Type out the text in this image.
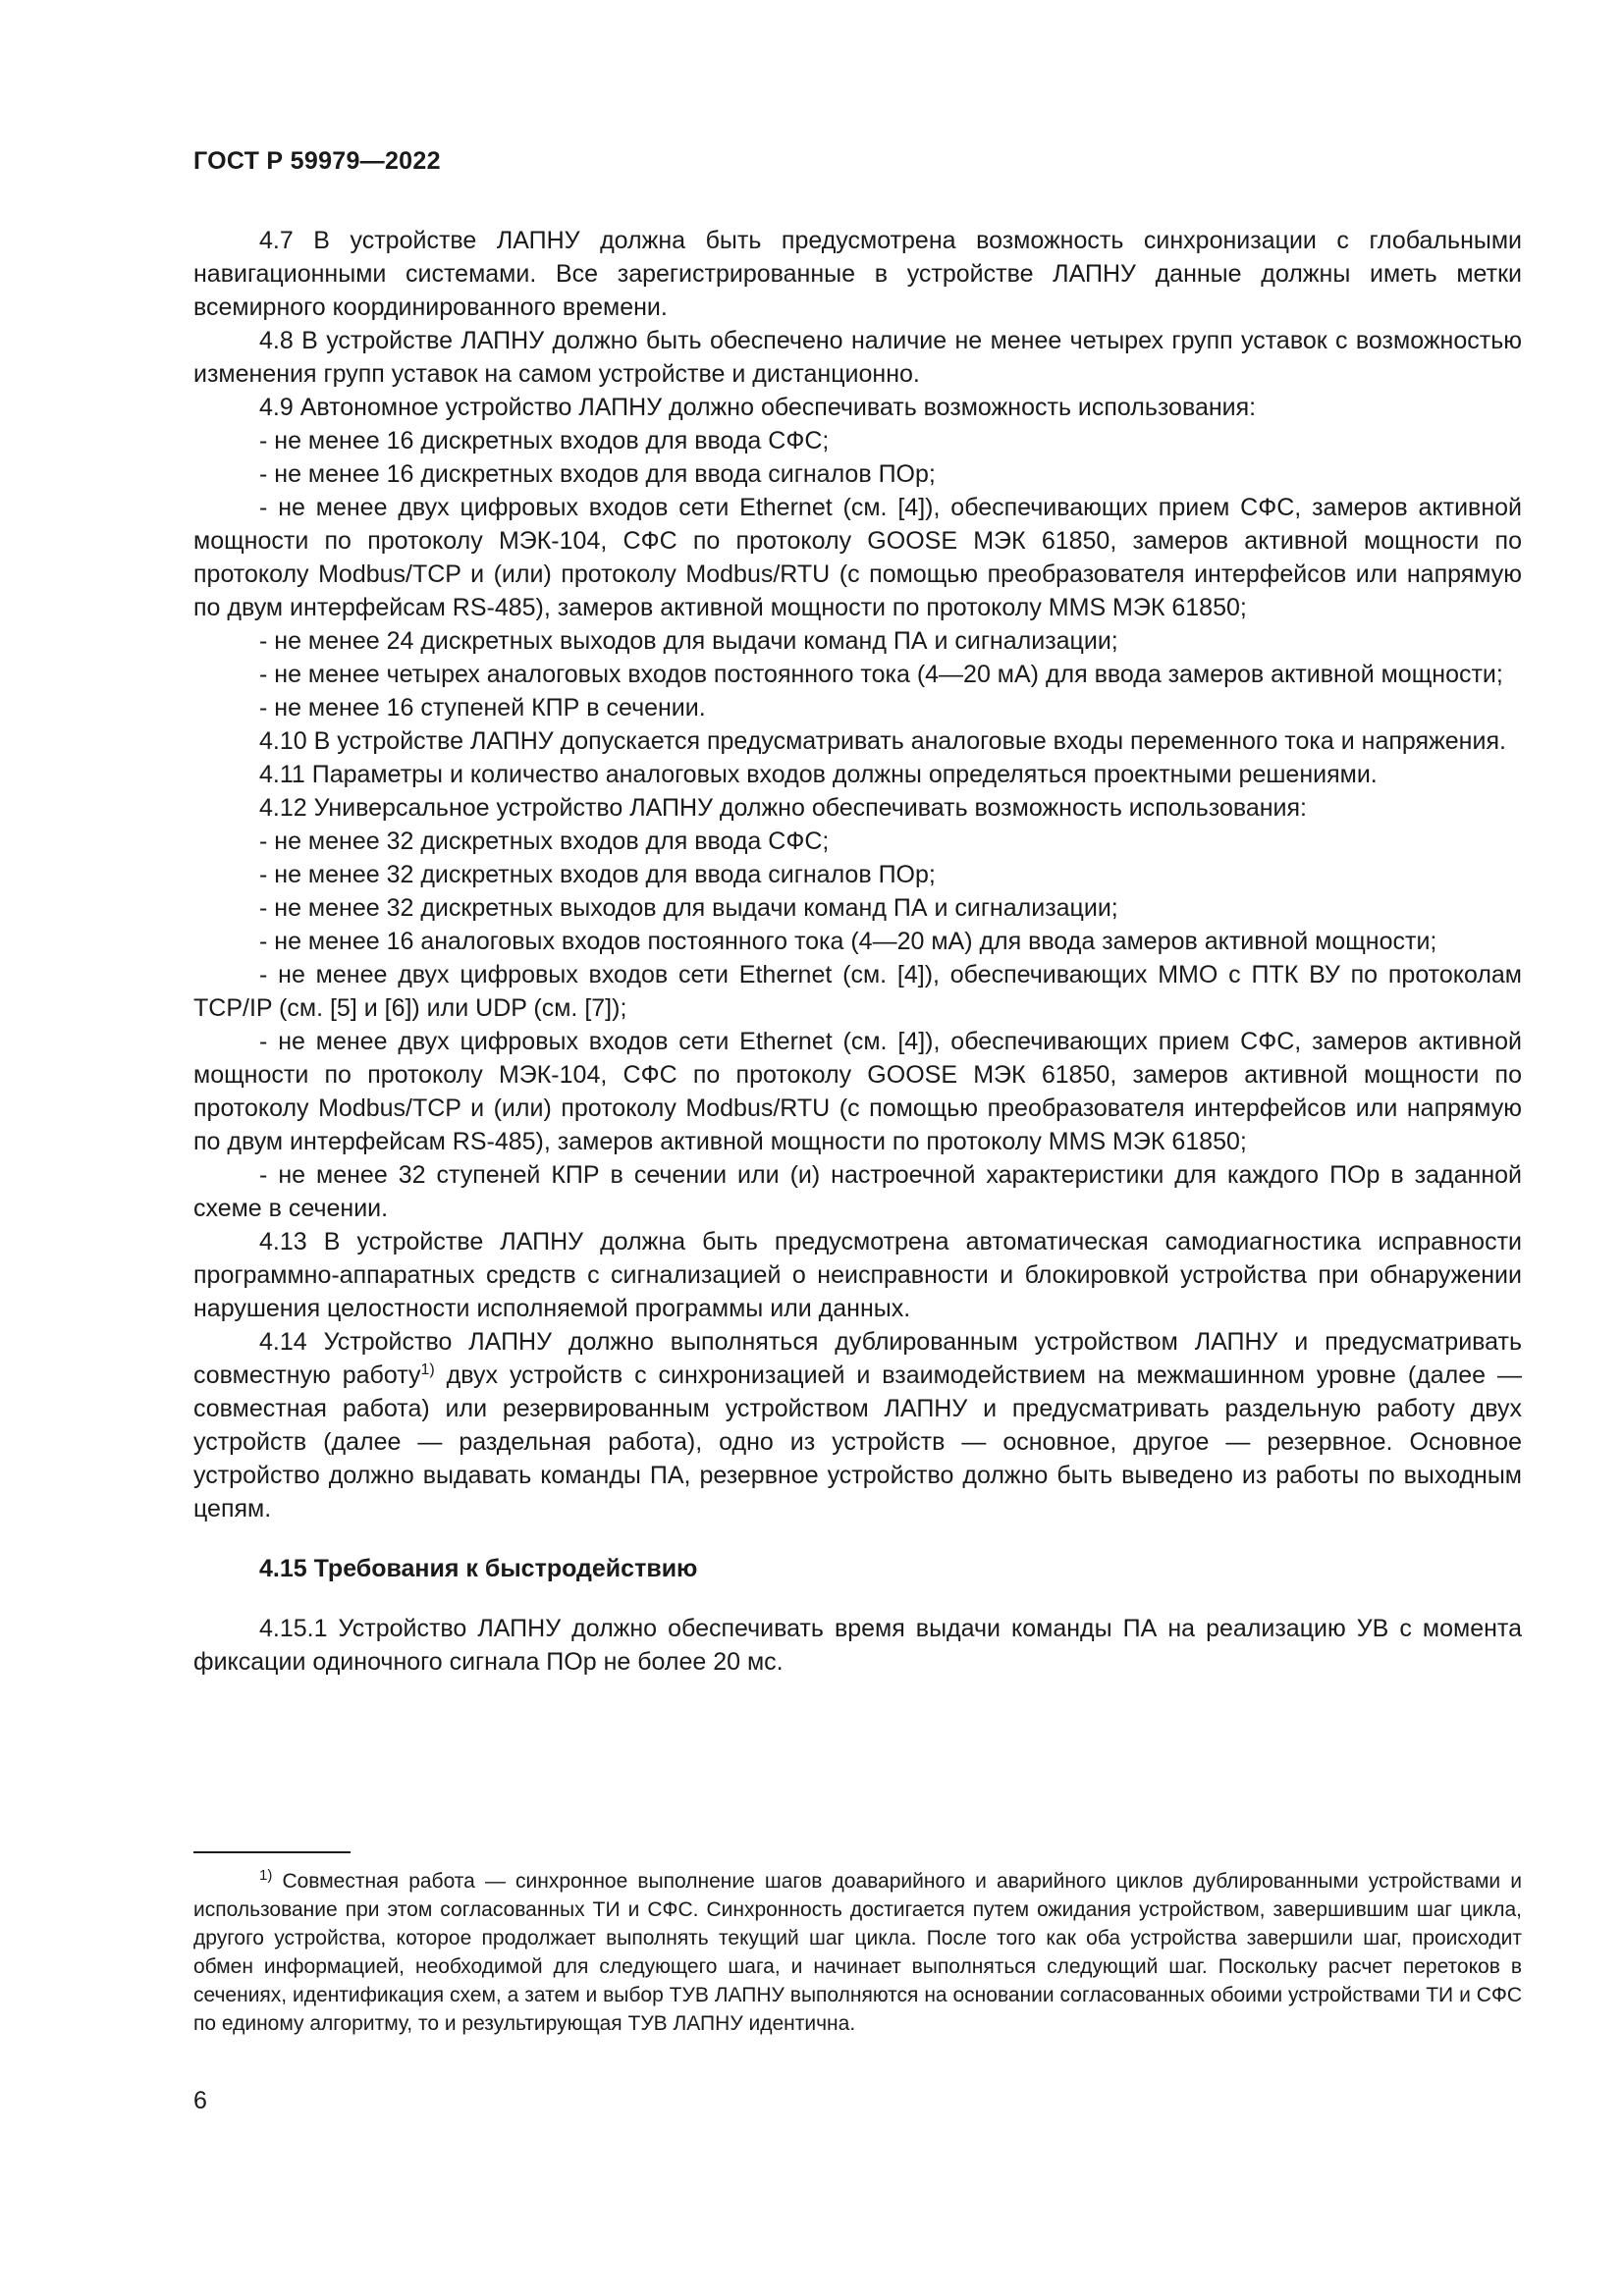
ГОСТ Р 59979—2022

4.7 В устройстве ЛАПНУ должна быть предусмотрена возможность синхронизации с глобальными навигационными системами. Все зарегистрированные в устройстве ЛАПНУ данные должны иметь метки всемирного координированного времени.

4.8 В устройстве ЛАПНУ должно быть обеспечено наличие не менее четырех групп уставок с возможностью изменения групп уставок на самом устройстве и дистанционно.

4.9 Автономное устройство ЛАПНУ должно обеспечивать возможность использования:

- не менее 16 дискретных входов для ввода СФС;

- не менее 16 дискретных входов для ввода сигналов ПОр;

- не менее двух цифровых входов сети Ethernet (см. [4]), обеспечивающих прием СФС, замеров активной мощности по протоколу МЭК-104, СФС по протоколу GOOSE МЭК 61850, замеров активной мощности по протоколу Modbus/TCP и (или) протоколу Modbus/RTU (с помощью преобразователя интерфейсов или напрямую по двум интерфейсам RS-485), замеров активной мощности по протоколу MMS МЭК 61850;

- не менее 24 дискретных выходов для выдачи команд ПА и сигнализации;

- не менее четырех аналоговых входов постоянного тока (4—20 мА) для ввода замеров активной мощности;

- не менее 16 ступеней КПР в сечении.

4.10 В устройстве ЛАПНУ допускается предусматривать аналоговые входы переменного тока и напряжения.

4.11 Параметры и количество аналоговых входов должны определяться проектными решениями.

4.12 Универсальное устройство ЛАПНУ должно обеспечивать возможность использования:

- не менее 32 дискретных входов для ввода СФС;

- не менее 32 дискретных входов для ввода сигналов ПОр;

- не менее 32 дискретных выходов для выдачи команд ПА и сигнализации;

- не менее 16 аналоговых входов постоянного тока (4—20 мА) для ввода замеров активной мощности;

- не менее двух цифровых входов сети Ethernet (см. [4]), обеспечивающих ММО с ПТК ВУ по протоколам TCP/IP (см. [5] и [6]) или UDP (см. [7]);

- не менее двух цифровых входов сети Ethernet (см. [4]), обеспечивающих прием СФС, замеров активной мощности по протоколу МЭК-104, СФС по протоколу GOOSE МЭК 61850, замеров активной мощности по протоколу Modbus/TCP и (или) протоколу Modbus/RTU (с помощью преобразователя интерфейсов или напрямую по двум интерфейсам RS-485), замеров активной мощности по протоколу MMS МЭК 61850;

- не менее 32 ступеней КПР в сечении или (и) настроечной характеристики для каждого ПОр в заданной схеме в сечении.

4.13 В устройстве ЛАПНУ должна быть предусмотрена автоматическая самодиагностика исправности программно-аппаратных средств с сигнализацией о неисправности и блокировкой устройства при обнаружении нарушения целостности исполняемой программы или данных.

4.14 Устройство ЛАПНУ должно выполняться дублированным устройством ЛАПНУ и предусматривать совместную работу$^{1)}$ двух устройств с синхронизацией и взаимодействием на межмашинном уровне (далее — совместная работа) или резервированным устройством ЛАПНУ и предусматривать раздельную работу двух устройств (далее — раздельная работа), одно из устройств — основное, другое — резервное. Основное устройство должно выдавать команды ПА, резервное устройство должно быть выведено из работы по выходным цепям.

4.15 Требования к быстродействию

4.15.1 Устройство ЛАПНУ должно обеспечивать время выдачи команды ПА на реализацию УВ с момента фиксации одиночного сигнала ПОр не более 20 мс.

$^{1)}$ Совместная работа — синхронное выполнение шагов доаварийного и аварийного циклов дублированными устройствами и использование при этом согласованных ТИ и СФС. Синхронность достигается путем ожидания устройством, завершившим шаг цикла, другого устройства, которое продолжает выполнять текущий шаг цикла. После того как оба устройства завершили шаг, происходит обмен информацией, необходимой для следующего шага, и начинает выполняться следующий шаг. Поскольку расчет перетоков в сечениях, идентификация схем, а затем и выбор ТУВ ЛАПНУ выполняются на основании согласованных обоими устройствами ТИ и СФС по единому алгоритму, то и результирующая ТУВ ЛАПНУ идентична.

6
